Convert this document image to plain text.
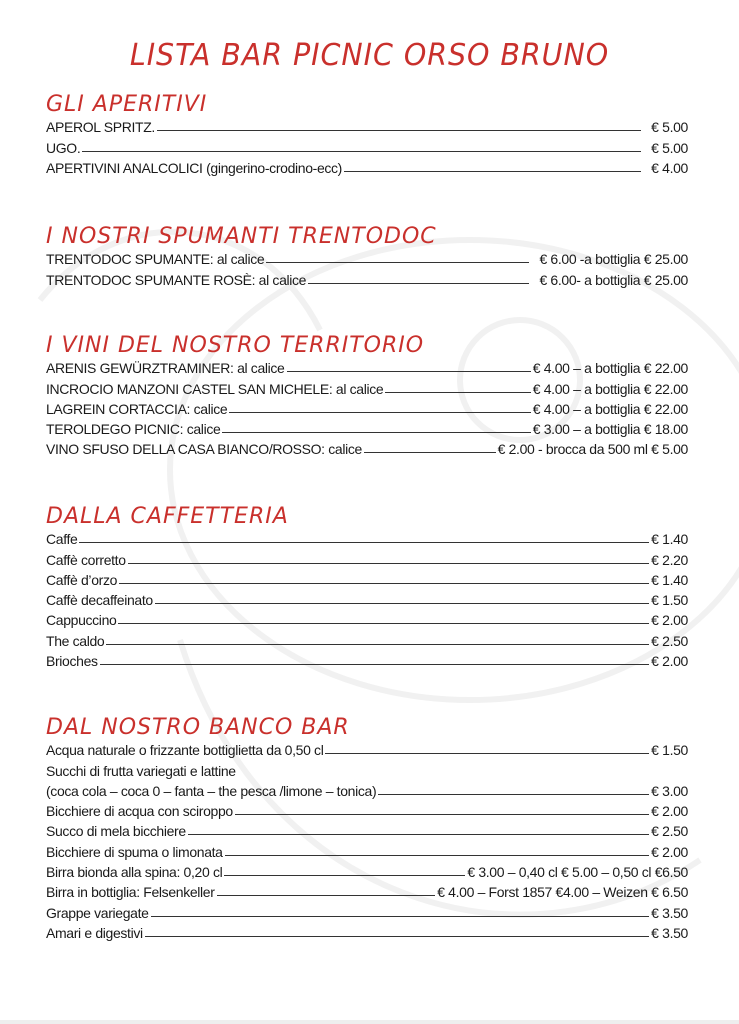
LISTA BAR PICNIC ORSO BRUNO
GLI APERITIVI
APEROL SPRITZ.	€ 5.00
UGO.	€ 5.00
APERTIVINI ANALCOLICI (gingerino-crodino-ecc)	€ 4.00
I NOSTRI SPUMANTI TRENTODOC
TRENTODOC SPUMANTE: al calice	€ 6.00 -a bottiglia € 25.00
TRENTODOC SPUMANTE ROSÈ: al calice	€ 6.00- a bottiglia € 25.00
I VINI DEL NOSTRO TERRITORIO
ARENIS GEWÜRZTRAMINER: al calice	€ 4.00 – a bottiglia € 22.00
INCROCIO MANZONI CASTEL SAN MICHELE: al calice	€ 4.00 – a bottiglia € 22.00
LAGREIN CORTACCIA: calice	€ 4.00 – a bottiglia € 22.00
TEROLDEGO PICNIC: calice	€ 3.00 – a bottiglia € 18.00
VINO SFUSO DELLA CASA BIANCO/ROSSO: calice	€ 2.00 - brocca da 500 ml € 5.00
DALLA CAFFETTERIA
Caffe	€ 1.40
Caffè corretto	€ 2.20
Caffè d’orzo	€ 1.40
Caffè decaffeinato	€ 1.50
Cappuccino	€ 2.00
The caldo	€ 2.50
Brioches	€ 2.00
DAL NOSTRO BANCO BAR
Acqua naturale o frizzante bottiglietta da 0,50 cl	€ 1.50
Succhi di frutta variegati e lattine
(coca cola – coca 0 – fanta – the pesca /limone – tonica)	€ 3.00
Bicchiere di acqua con sciroppo	€ 2.00
Succo di mela bicchiere	€ 2.50
Bicchiere di spuma o limonata	€ 2.00
Birra bionda alla spina: 0,20 cl	€ 3.00 – 0,40 cl € 5.00 – 0,50 cl €6.50
Birra in bottiglia: Felsenkeller	€ 4.00 – Forst 1857 €4.00 – Weizen € 6.50
Grappe variegate	€ 3.50
Amari e digestivi	€ 3.50
